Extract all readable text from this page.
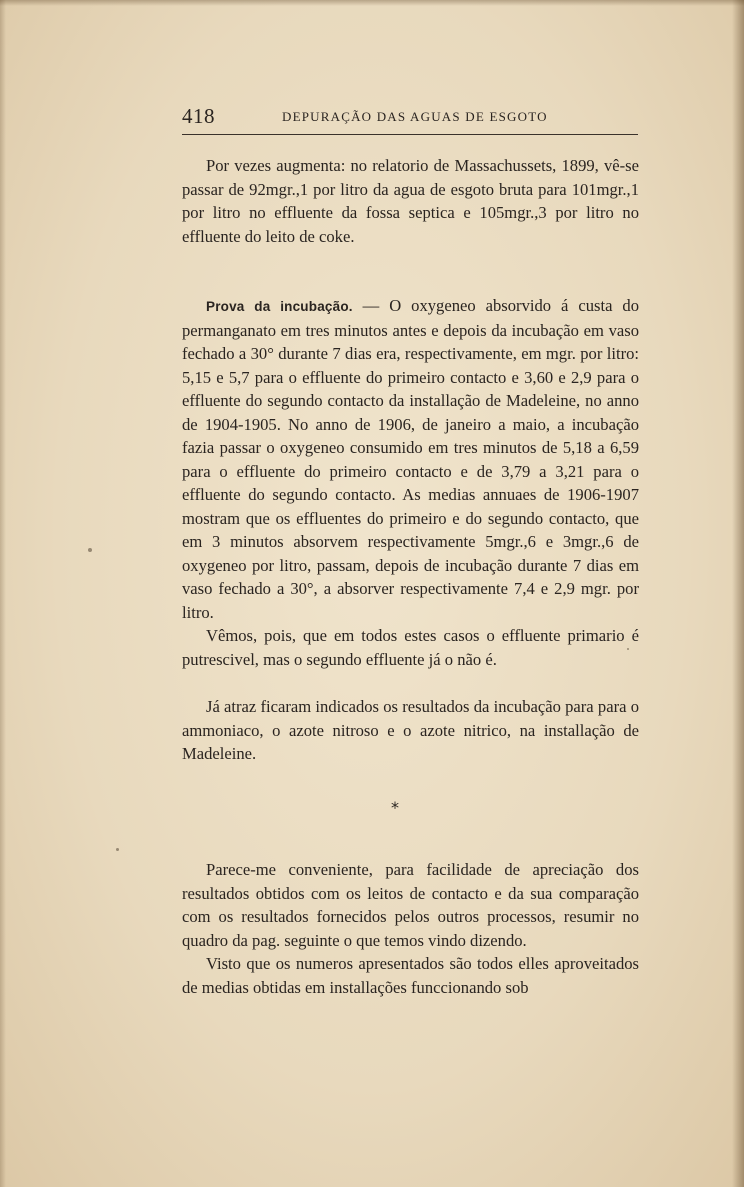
418	DEPURAÇÃO DAS AGUAS DE ESGOTO

Por vezes augmenta: no relatorio de Massachussets, 1899, vê-se passar de 92mgr.,1 por litro da agua de esgoto bruta para 101mgr.,1 por litro no effluente da fossa septica e 105mgr.,3 por litro no effluente do leito de coke.

Prova da incubação. — O oxygeneo absorvido á custa do permanganato em tres minutos antes e depois da incubação em vaso fechado a 30° durante 7 dias era, respectivamente, em mgr. por litro: 5,15 e 5,7 para o effluente do primeiro contacto e 3,60 e 2,9 para o effluente do segundo contacto da installação de Madeleine, no anno de 1904-1905. No anno de 1906, de janeiro a maio, a incubação fazia passar o oxygeneo consumido em tres minutos de 5,18 a 6,59 para o effluente do primeiro contacto e de 3,79 a 3,21 para o effluente do segundo contacto. As medias annuaes de 1906-1907 mostram que os effluentes do primeiro e do segundo contacto, que em 3 minutos absorvem respectivamente 5mgr.,6 e 3mgr.,6 de oxygeneo por litro, passam, depois de incubação durante 7 dias em vaso fechado a 30°, a absorver respectivamente 7,4 e 2,9 mgr. por litro.

Vêmos, pois, que em todos estes casos o effluente primario é putrescivel, mas o segundo effluente já o não é.

Já atraz ficaram indicados os resultados da incubação para para o ammoniaco, o azote nitroso e o azote nitrico, na installação de Madeleine.

*

Parece-me conveniente, para facilidade de apreciação dos resultados obtidos com os leitos de contacto e da sua comparação com os resultados fornecidos pelos outros processos, resumir no quadro da pag. seguinte o que temos vindo dizendo.

Visto que os numeros apresentados são todos elles aproveitados de medias obtidas em installações funccionando sob
